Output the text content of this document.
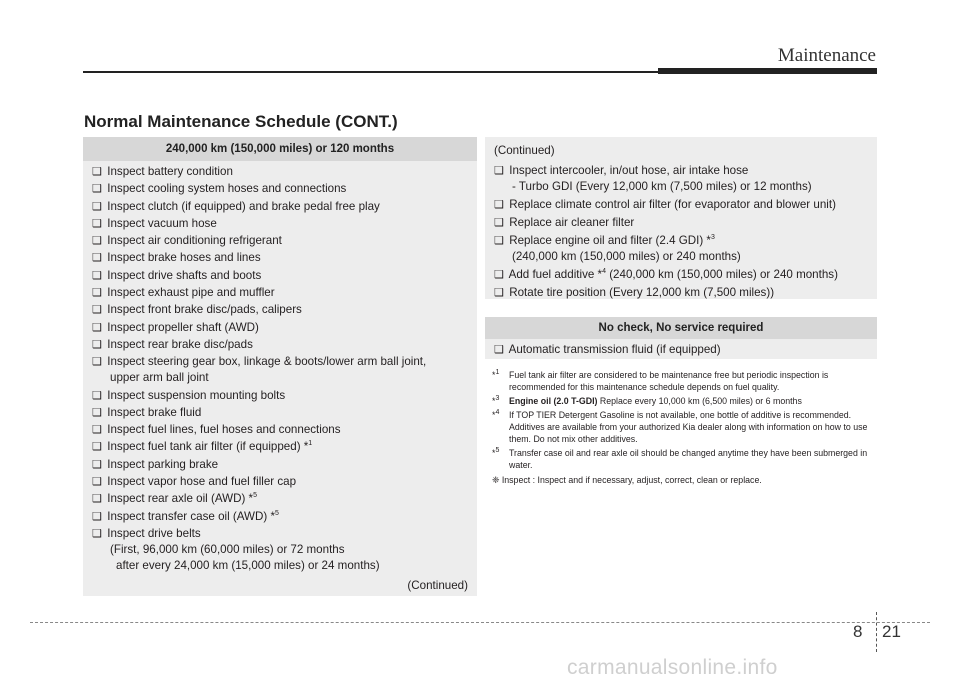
Maintenance
Normal Maintenance Schedule (CONT.)
240,000 km (150,000 miles) or 120 months
❑ Inspect battery condition
❑ Inspect cooling system hoses and connections
❑ Inspect clutch (if equipped) and brake pedal free play
❑ Inspect vacuum hose
❑ Inspect air conditioning refrigerant
❑ Inspect brake hoses and lines
❑ Inspect drive shafts and boots
❑ Inspect exhaust pipe and muffler
❑ Inspect front brake disc/pads, calipers
❑ Inspect propeller shaft (AWD)
❑ Inspect rear brake disc/pads
❑ Inspect steering gear box, linkage & boots/lower arm ball joint,
upper arm ball joint
❑ Inspect suspension mounting bolts
❑ Inspect brake fluid
❑ Inspect fuel lines, fuel hoses and connections
❑ Inspect fuel tank air filter (if equipped) *$^1$
❑ Inspect parking brake
❑ Inspect vapor hose and fuel filler cap
❑ Inspect rear axle oil (AWD) *$^5$
❑ Inspect transfer case oil (AWD) *$^5$
❑ Inspect drive belts
(First, 96,000 km (60,000 miles) or 72 months
after every 24,000 km (15,000 miles) or 24 months)
(Continued)
(Continued)
❑ Inspect intercooler, in/out hose, air intake hose
- Turbo GDI (Every 12,000 km (7,500 miles) or 12 months)
❑ Replace climate control air filter (for evaporator and blower unit)
❑ Replace air cleaner filter
❑ Replace engine oil and filter (2.4 GDI) *$^3$
(240,000 km (150,000 miles) or 240 months)
❑ Add fuel additive *$^4$ (240,000 km (150,000 miles) or 240 months)
❑ Rotate tire position (Every 12,000 km (7,500 miles))
No check, No service required
❑ Automatic transmission fluid (if equipped)
*$^1$ Fuel tank air filter are considered to be maintenance free but periodic inspection is recommended for this maintenance schedule depends on fuel quality.
*$^3$ Engine oil (2.0 T-GDI) Replace every 10,000 km (6,500 miles) or 6 months
*$^4$ If TOP TIER Detergent Gasoline is not available, one bottle of additive is recommended. Additives are available from your authorized Kia dealer along with information on how to use them. Do not mix other additives.
*$^5$ Transfer case oil and rear axle oil should be changed anytime they have been submerged in water.
❈ Inspect : Inspect and if necessary, adjust, correct, clean or replace.
8 21
carmanualsonline.info
